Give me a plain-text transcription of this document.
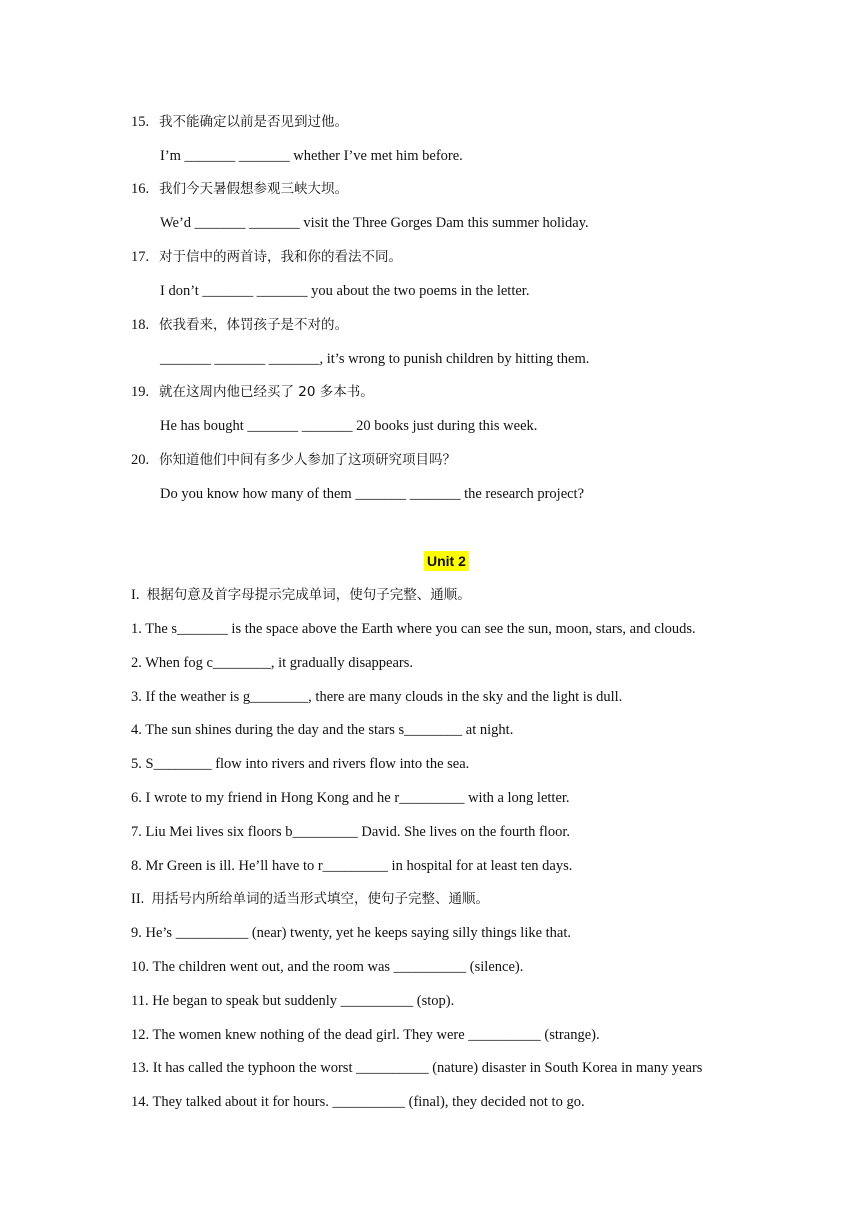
15. 我不能确定以前是否见到过他。
I’m _______ _______ whether I’ve met him before.
16. 我们今天暑假想参观三峡大坝。
We’d _______ _______ visit the Three Gorges Dam this summer holiday.
17. 对于信中的两首诗，我和你的看法不同。
I don’t _______ _______ you about the two poems in the letter.
18. 依我看来，体罚孩子是不对的。
_______ _______ _______, it’s wrong to punish children by hitting them.
19. 就在这周内他已经买了 20 多本书。
He has bought _______ _______ 20 books just during this week.
20. 你知道他们中间有多少人参加了这项研究项目吗？
Do you know how many of them _______ _______ the research project?
Unit 2
I. 根据句意及首字母提示完成单词，使句子完整、通顺。
1. The s_______ is the space above the Earth where you can see the sun, moon, stars, and clouds.
2. When fog c________, it gradually disappears.
3. If the weather is g________, there are many clouds in the sky and the light is dull.
4. The sun shines during the day and the stars s________ at night.
5. S________ flow into rivers and rivers flow into the sea.
6. I wrote to my friend in Hong Kong and he r_________ with a long letter.
7. Liu Mei lives six floors b_________ David. She lives on the fourth floor.
8. Mr Green is ill. He’ll have to r_________ in hospital for at least ten days.
II. 用括号内所给单词的适当形式填空，使句子完整、通顺。
9. He’s __________ (near) twenty, yet he keeps saying silly things like that.
10. The children went out, and the room was __________ (silence).
11. He began to speak but suddenly __________ (stop).
12. The women knew nothing of the dead girl. They were __________ (strange).
13. It has called the typhoon the worst __________ (nature) disaster in South Korea in many years
14. They talked about it for hours. __________ (final), they decided not to go.
